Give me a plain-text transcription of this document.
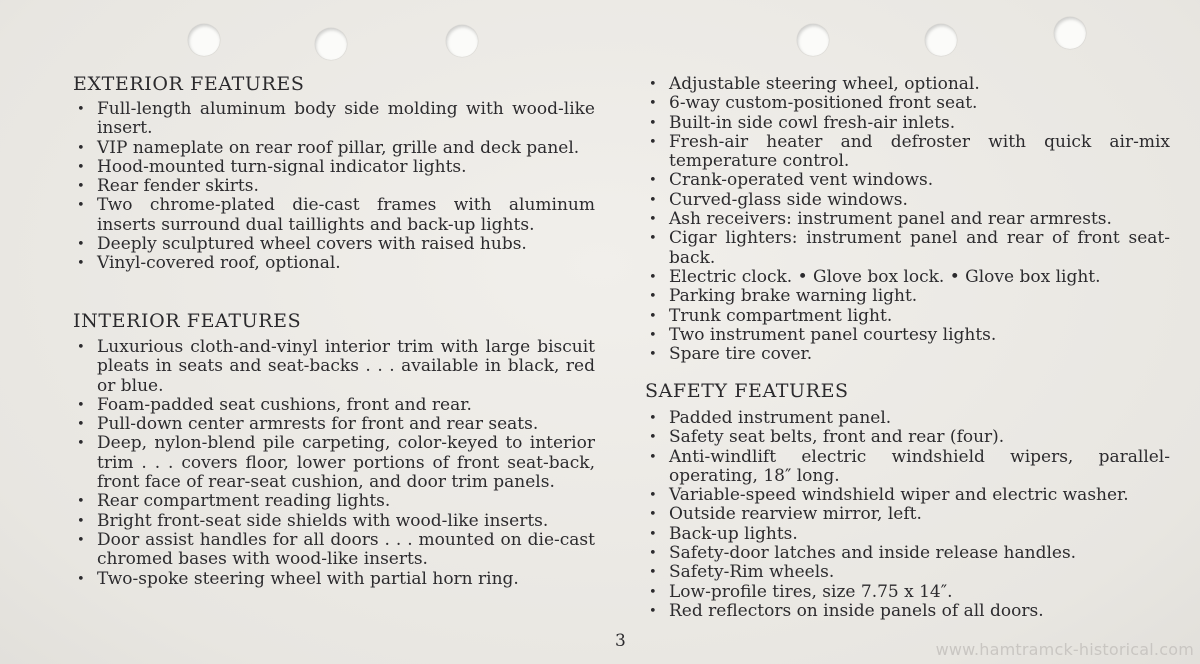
EXTERIOR FEATURES
• Full-length aluminum body side molding with wood-like insert.
• VIP nameplate on rear roof pillar, grille and deck panel.
• Hood-mounted turn-signal indicator lights.
• Rear fender skirts.
• Two chrome-plated die-cast frames with aluminum inserts surround dual taillights and back-up lights.
• Deeply sculptured wheel covers with raised hubs.
• Vinyl-covered roof, optional.
INTERIOR FEATURES
• Luxurious cloth-and-vinyl interior trim with large biscuit pleats in seats and seat-backs . . . available in black, red or blue.
• Foam-padded seat cushions, front and rear.
• Pull-down center armrests for front and rear seats.
• Deep, nylon-blend pile carpeting, color-keyed to interior trim . . . covers floor, lower portions of front seat-back, front face of rear-seat cushion, and door trim panels.
• Rear compartment reading lights.
• Bright front-seat side shields with wood-like inserts.
• Door assist handles for all doors . . . mounted on die-cast chromed bases with wood-like inserts.
• Two-spoke steering wheel with partial horn ring.
• Adjustable steering wheel, optional.
• 6-way custom-positioned front seat.
• Built-in side cowl fresh-air inlets.
• Fresh-air heater and defroster with quick air-mix temperature control.
• Crank-operated vent windows.
• Curved-glass side windows.
• Ash receivers: instrument panel and rear armrests.
• Cigar lighters: instrument panel and rear of front seat-back.
• Electric clock. • Glove box lock. • Glove box light.
• Parking brake warning light.
• Trunk compartment light.
• Two instrument panel courtesy lights.
• Spare tire cover.
SAFETY FEATURES
• Padded instrument panel.
• Safety seat belts, front and rear (four).
• Anti-windlift electric windshield wipers, parallel-operating, 18″ long.
• Variable-speed windshield wiper and electric washer.
• Outside rearview mirror, left.
• Back-up lights.
• Safety-door latches and inside release handles.
• Safety-Rim wheels.
• Low-profile tires, size 7.75 x 14″.
• Red reflectors on inside panels of all doors.
3	www.hamtramck-historical.com
